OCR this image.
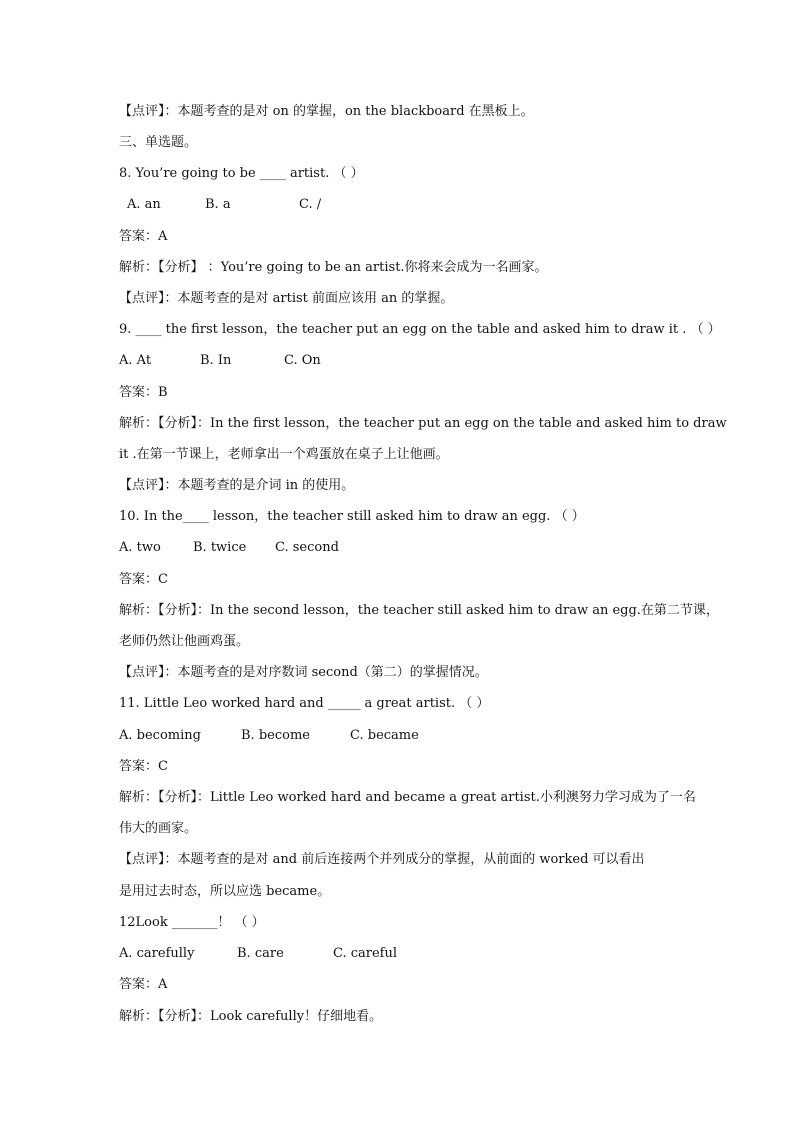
【点评】：本题考查的是对 on 的掌握，on the blackboard 在黑板上。
三、单选题。
8. You’re going to be ____ artist. （ ）
A. an	B. a	C. /
答案：A
解析：【分析】 ：You’re going to be an artist.你将来会成为一名画家。
【点评】：本题考查的是对 artist 前面应该用 an 的掌握。
9. ____ the first lesson，the teacher put an egg on the table and asked him to draw it . （ ）
A. At	B. In	C. On
答案：B
解析：【分析】：In the first lesson，the teacher put an egg on the table and asked him to draw
it .在第一节课上，老师拿出一个鸡蛋放在桌子上让他画。
【点评】：本题考查的是介词 in 的使用。
10. In the____ lesson，the teacher still asked him to draw an egg. （ ）
A. two B. twice C. second
答案：C
解析：【分析】：In the second lesson，the teacher still asked him to draw an egg.在第二节课，
老师仍然让他画鸡蛋。
【点评】：本题考查的是对序数词 second（第二）的掌握情况。
11. Little Leo worked hard and _____ a great artist. （ ）
A. becoming	B. become	C. became
答案：C
解析：【分析】：Little Leo worked hard and became a great artist.小利澳努力学习成为了一名
伟大的画家。
【点评】：本题考查的是对 and 前后连接两个并列成分的掌握，从前面的 worked 可以看出
是用过去时态，所以应选 became。
12Look _______！ （ ）
A. carefully	B. care	C. careful
答案：A
解析：【分析】：Look carefully！仔细地看。
